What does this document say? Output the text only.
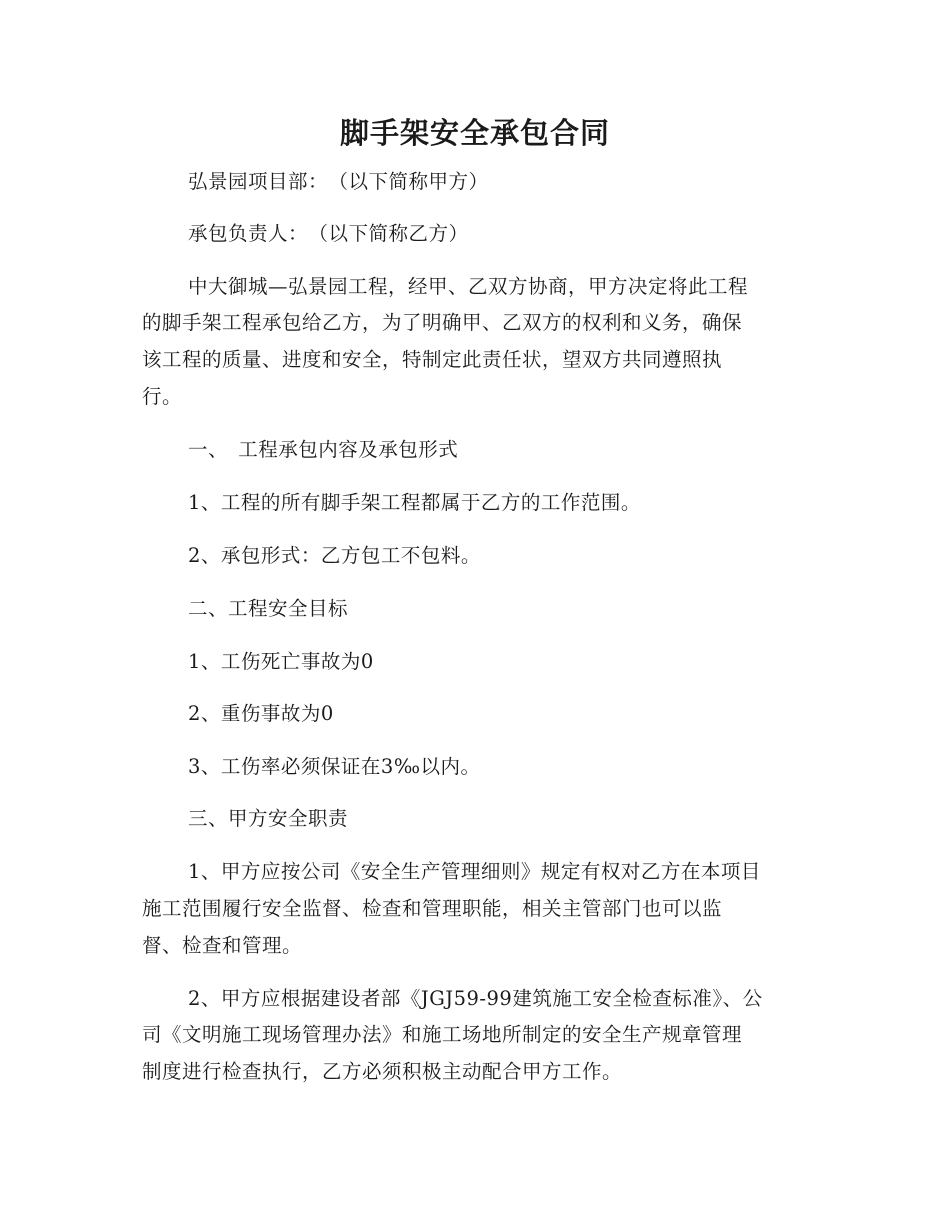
脚手架安全承包合同
弘景园项目部：　（以下简称甲方）
承包负责人：　（以下简称乙方）
中大御城—弘景园工程，经甲、乙双方协商，甲方决定将此工程
的脚手架工程承包给乙方，为了明确甲、乙双方的权利和义务，确保
该工程的质量、进度和安全，特制定此责任状，望双方共同遵照执
行。
一、　工程承包内容及承包形式
1、工程的所有脚手架工程都属于乙方的工作范围。
2、承包形式：乙方包工不包料。
二、工程安全目标
1、工伤死亡事故为0
2、重伤事故为0
3、工伤率必须保证在3‰以内。
三、甲方安全职责
1、甲方应按公司《安全生产管理细则》规定有权对乙方在本项目
施工范围履行安全监督、检查和管理职能，相关主管部门也可以监
督、检查和管理。
2、甲方应根据建设者部《JGJ59-99建筑施工安全检查标准》、公
司《文明施工现场管理办法》和施工场地所制定的安全生产规章管理
制度进行检查执行，乙方必须积极主动配合甲方工作。
